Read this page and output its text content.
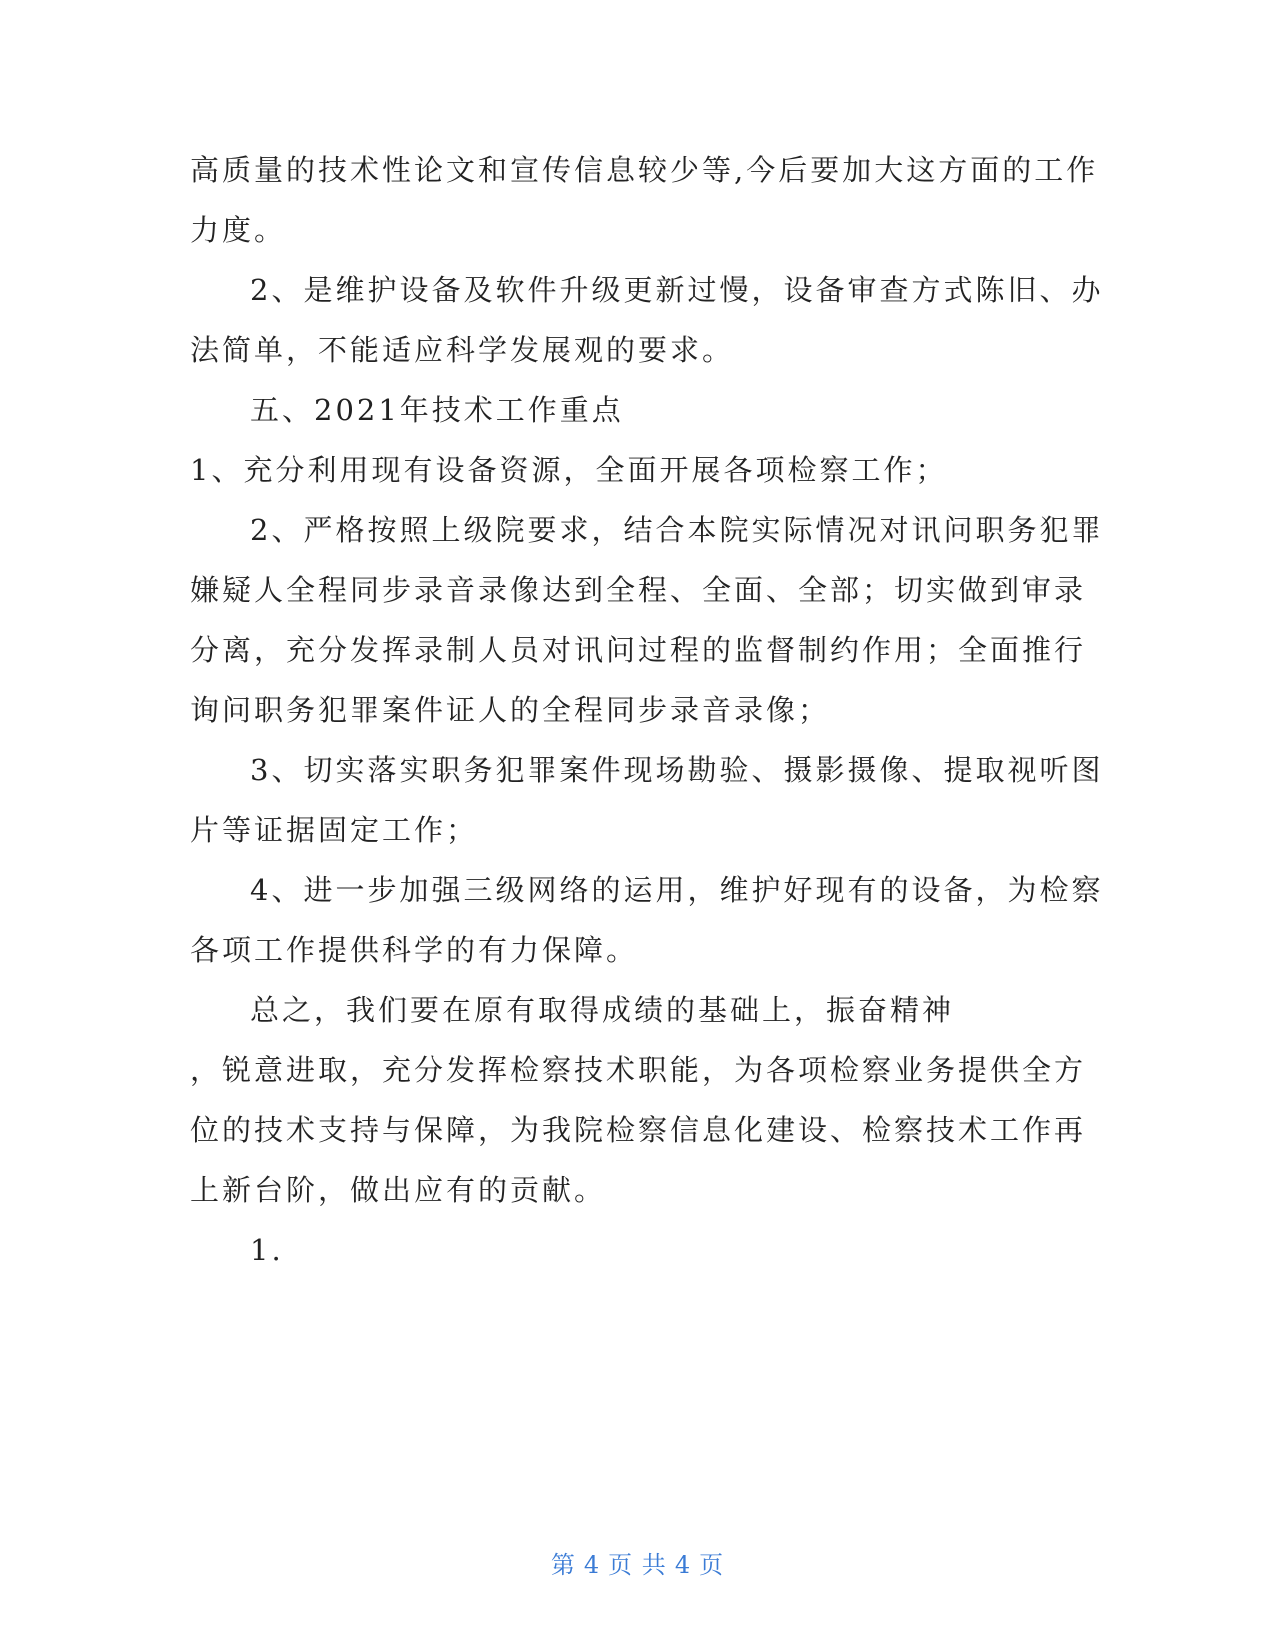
高质量的技术性论文和宣传信息较少等,今后要加大这方面的工作
力度。
2、是维护设备及软件升级更新过慢，设备审查方式陈旧、办
法简单，不能适应科学发展观的要求。
五、2021年技术工作重点
1、充分利用现有设备资源，全面开展各项检察工作；
2、严格按照上级院要求，结合本院实际情况对讯问职务犯罪
嫌疑人全程同步录音录像达到全程、全面、全部；切实做到审录
分离，充分发挥录制人员对讯问过程的监督制约作用；全面推行
询问职务犯罪案件证人的全程同步录音录像；
3、切实落实职务犯罪案件现场勘验、摄影摄像、提取视听图
片等证据固定工作；
4、进一步加强三级网络的运用，维护好现有的设备，为检察
各项工作提供科学的有力保障。
总之，我们要在原有取得成绩的基础上，振奋精神
，锐意进取，充分发挥检察技术职能，为各项检察业务提供全方
位的技术支持与保障，为我院检察信息化建设、检察技术工作再
上新台阶，做出应有的贡献。
1.
第 4 页 共 4 页
